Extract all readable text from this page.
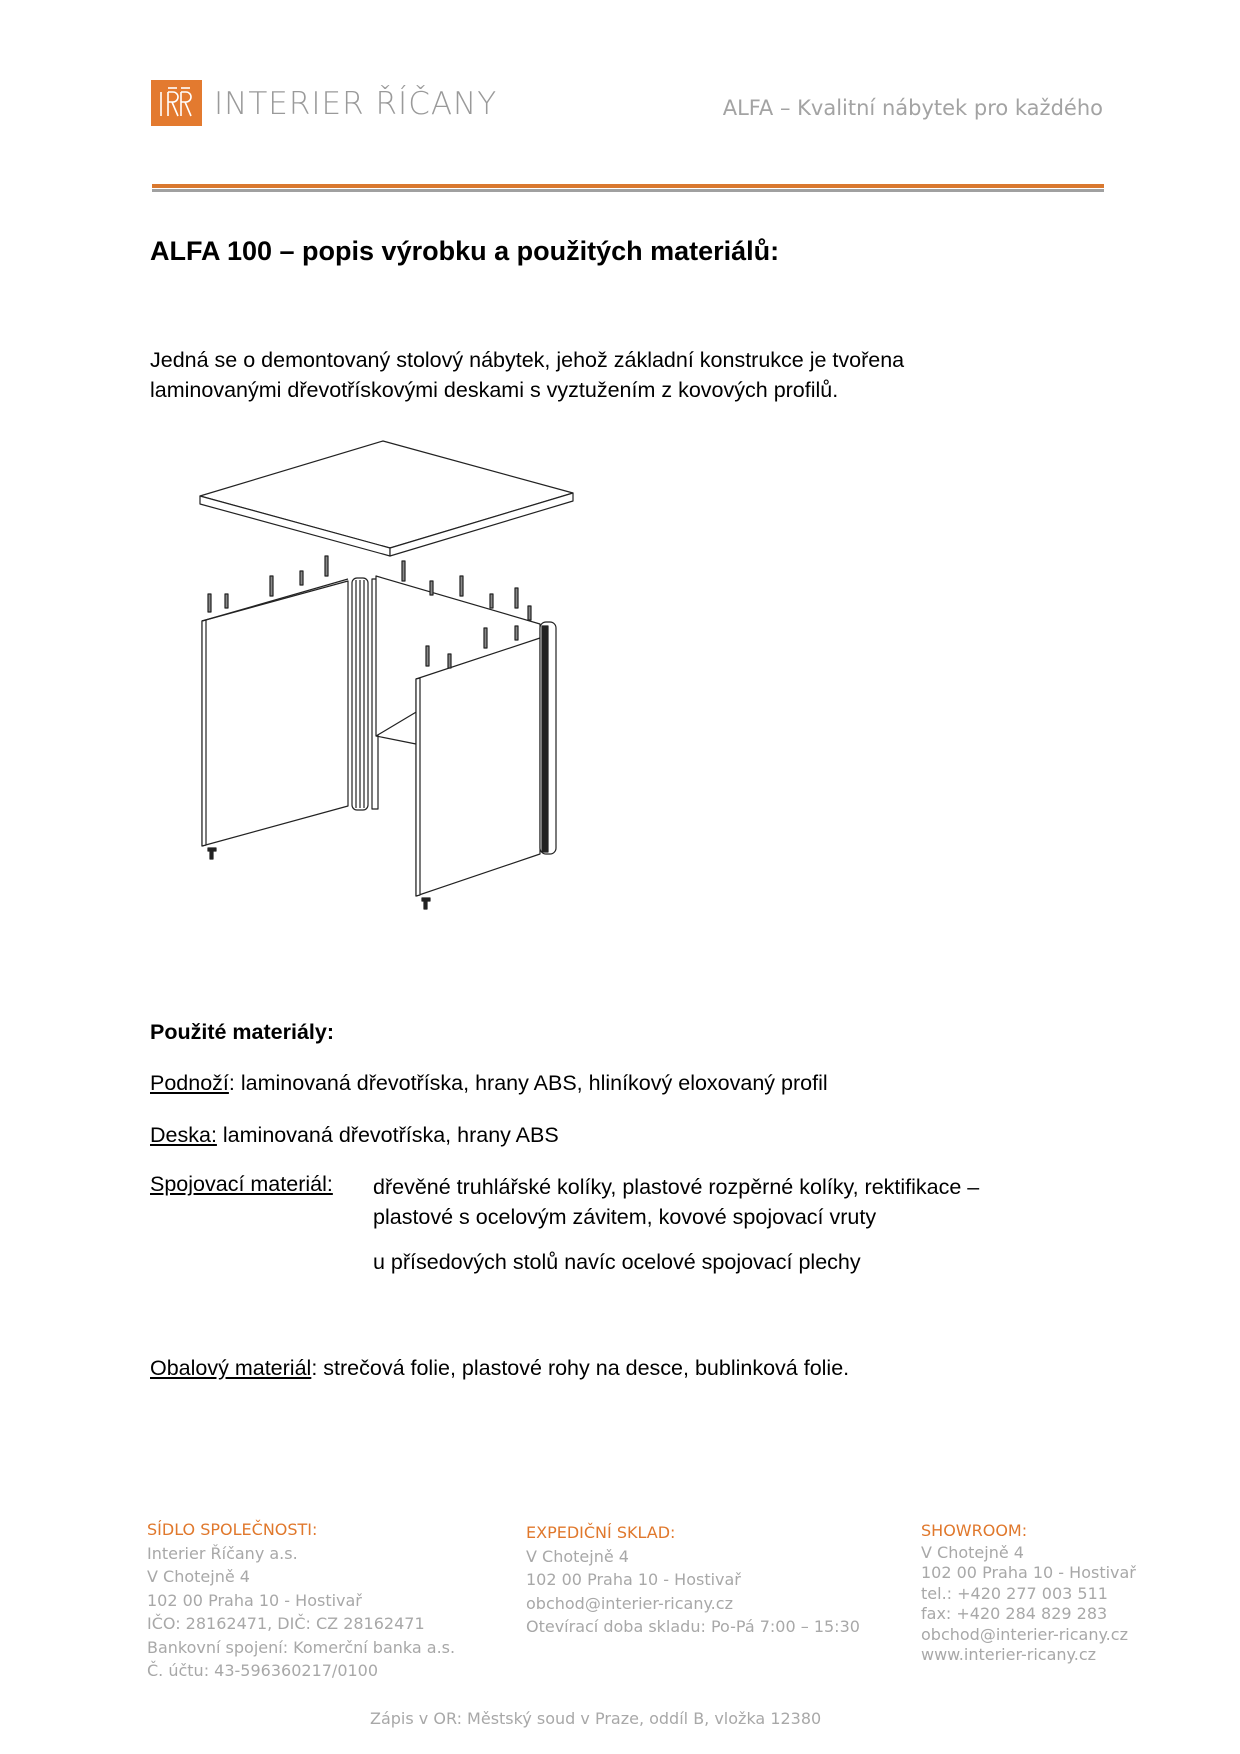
INTERIER ŘÍČANY	ALFA – Kvalitní nábytek pro každého
ALFA 100 – popis výrobku a použitých materiálů:
Jedná se o demontovaný stolový nábytek, jehož základní konstrukce je tvořena
laminovanými dřevotřískovými deskami s vyztužením z kovových profilů.
Použité materiály:
Podnoží: laminovaná dřevotříska, hrany ABS, hliníkový eloxovaný profil
Deska: laminovaná dřevotříska, hrany ABS
Spojovací materiál: dřevěné truhlářské kolíky, plastové rozpěrné kolíky, rektifikace –
plastové s ocelovým závitem, kovové spojovací vruty
u přísedových stolů navíc ocelové spojovací plechy
Obalový materiál: strečová folie, plastové rohy na desce, bublinková folie.
SÍDLO SPOLEČNOSTI:
Interier Říčany a.s.
V Chotejně 4
102 00 Praha 10 - Hostivař
IČO: 28162471, DIČ: CZ 28162471
Bankovní spojení: Komerční banka a.s.
Č. účtu: 43-596360217/0100
EXPEDIČNÍ SKLAD:
V Chotejně 4
102 00 Praha 10 - Hostivař
obchod@interier-ricany.cz
Otevírací doba skladu: Po-Pá 7:00 – 15:30
SHOWROOM:
V Chotejně 4
102 00 Praha 10 - Hostivař
tel.: +420 277 003 511
fax: +420 284 829 283
obchod@interier-ricany.cz
www.interier-ricany.cz
Zápis v OR: Městský soud v Praze, oddíl B, vložka 12380
